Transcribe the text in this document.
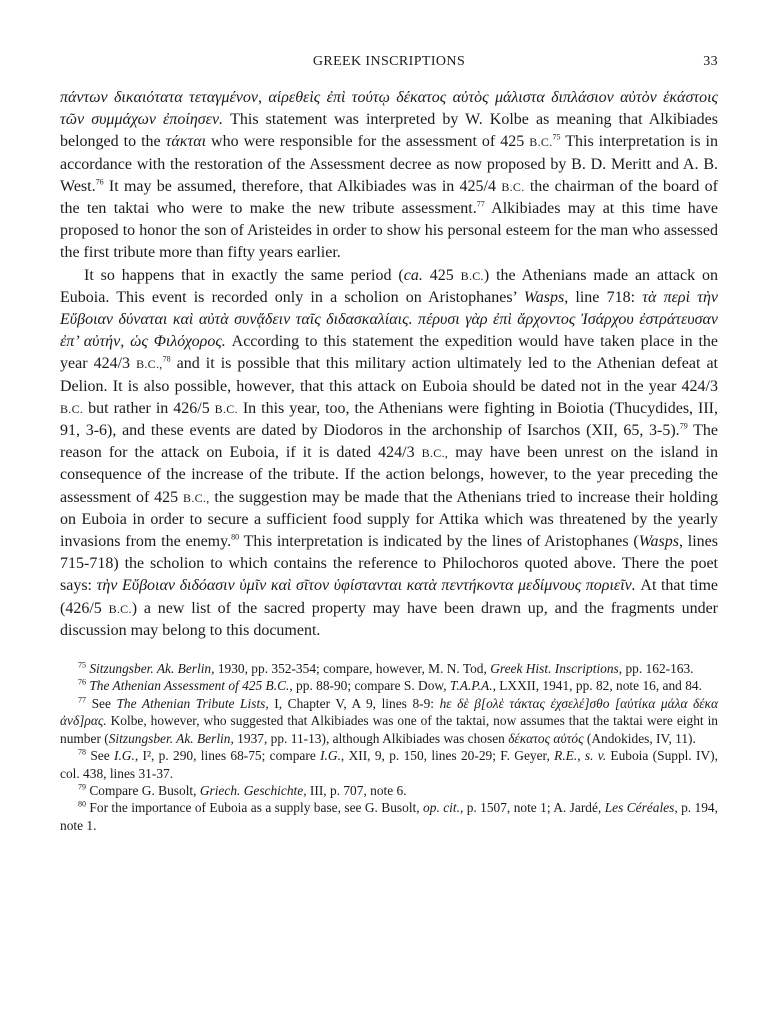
GREEK INSCRIPTIONS	33

πάντων δικαιότατα τεταγμένον, αἱρεθεὶς ἐπὶ τούτῳ δέκατος αὐτὸς μάλιστα διπλάσιον αὐτὸν ἑκάστοις τῶν συμμάχων ἐποίησεν. This statement was interpreted by W. Kolbe as meaning that Alkibiades belonged to the τάκται who were responsible for the assessment of 425 B.C.$^{75}$ This interpretation is in accordance with the restoration of the Assessment decree as now proposed by B. D. Meritt and A. B. West.$^{76}$ It may be assumed, therefore, that Alkibiades was in 425/4 B.C. the chairman of the board of the ten taktai who were to make the new tribute assessment.$^{77}$ Alkibiades may at this time have proposed to honor the son of Aristeides in order to show his personal esteem for the man who assessed the first tribute more than fifty years earlier.

It so happens that in exactly the same period (ca. 425 B.C.) the Athenians made an attack on Euboia. This event is recorded only in a scholion on Aristophanes’ Wasps, line 718: τὰ περὶ τὴν Εὔβοιαν δύναται καὶ αὐτὰ συνᾄδειν ταῖς διδασκαλίαις. πέρυσι γὰρ ἐπὶ ἄρχοντος Ἰσάρχου ἐστράτευσαν ἐπ’ αὐτήν, ὡς Φιλόχορος. According to this statement the expedition would have taken place in the year 424/3 B.C.,$^{78}$ and it is possible that this military action ultimately led to the Athenian defeat at Delion. It is also possible, however, that this attack on Euboia should be dated not in the year 424/3 B.C. but rather in 426/5 B.C. In this year, too, the Athenians were fighting in Boiotia (Thucydides, III, 91, 3-6), and these events are dated by Diodoros in the archonship of Isarchos (XII, 65, 3-5).$^{79}$ The reason for the attack on Euboia, if it is dated 424/3 B.C., may have been unrest on the island in consequence of the increase of the tribute. If the action belongs, however, to the year preceding the assessment of 425 B.C., the suggestion may be made that the Athenians tried to increase their holding on Euboia in order to secure a sufficient food supply for Attika which was threatened by the yearly invasions from the enemy.$^{80}$ This interpretation is indicated by the lines of Aristophanes (Wasps, lines 715-718) the scholion to which contains the reference to Philochoros quoted above. There the poet says: τὴν Εὔβοιαν διδόασιν ὑμῖν καὶ σῖτον ὑφίστανται κατὰ πεντήκοντα μεδίμνους ποριεῖν. At that time (426/5 B.C.) a new list of the sacred property may have been drawn up, and the fragments under discussion may belong to this document.

$^{75}$ Sitzungsber. Ak. Berlin, 1930, pp. 352-354; compare, however, M. N. Tod, Greek Hist. Inscriptions, pp. 162-163.

$^{76}$ The Athenian Assessment of 425 B.C., pp. 88-90; compare S. Dow, T.A.P.A., LXXII, 1941, pp. 82, note 16, and 84.

$^{77}$ See The Athenian Tribute Lists, I, Chapter V, A 9, lines 8-9: hε δὲ β[ολὲ τάκτας ἐχσελέ]σθο [αὐτίκα μάλα δέκα ἀνδ]ρας. Kolbe, however, who suggested that Alkibiades was one of the taktai, now assumes that the taktai were eight in number (Sitzungsber. Ak. Berlin, 1937, pp. 11-13), although Alkibiades was chosen δέκατος αὐτός (Andokides, IV, 11).

$^{78}$ See I.G., I², p. 290, lines 68-75; compare I.G., XII, 9, p. 150, lines 20-29; F. Geyer, R.E., s. v. Euboia (Suppl. IV), col. 438, lines 31-37.

$^{79}$ Compare G. Busolt, Griech. Geschichte, III, p. 707, note 6.

$^{80}$ For the importance of Euboia as a supply base, see G. Busolt, op. cit., p. 1507, note 1; A. Jardé, Les Céréales, p. 194, note 1.
